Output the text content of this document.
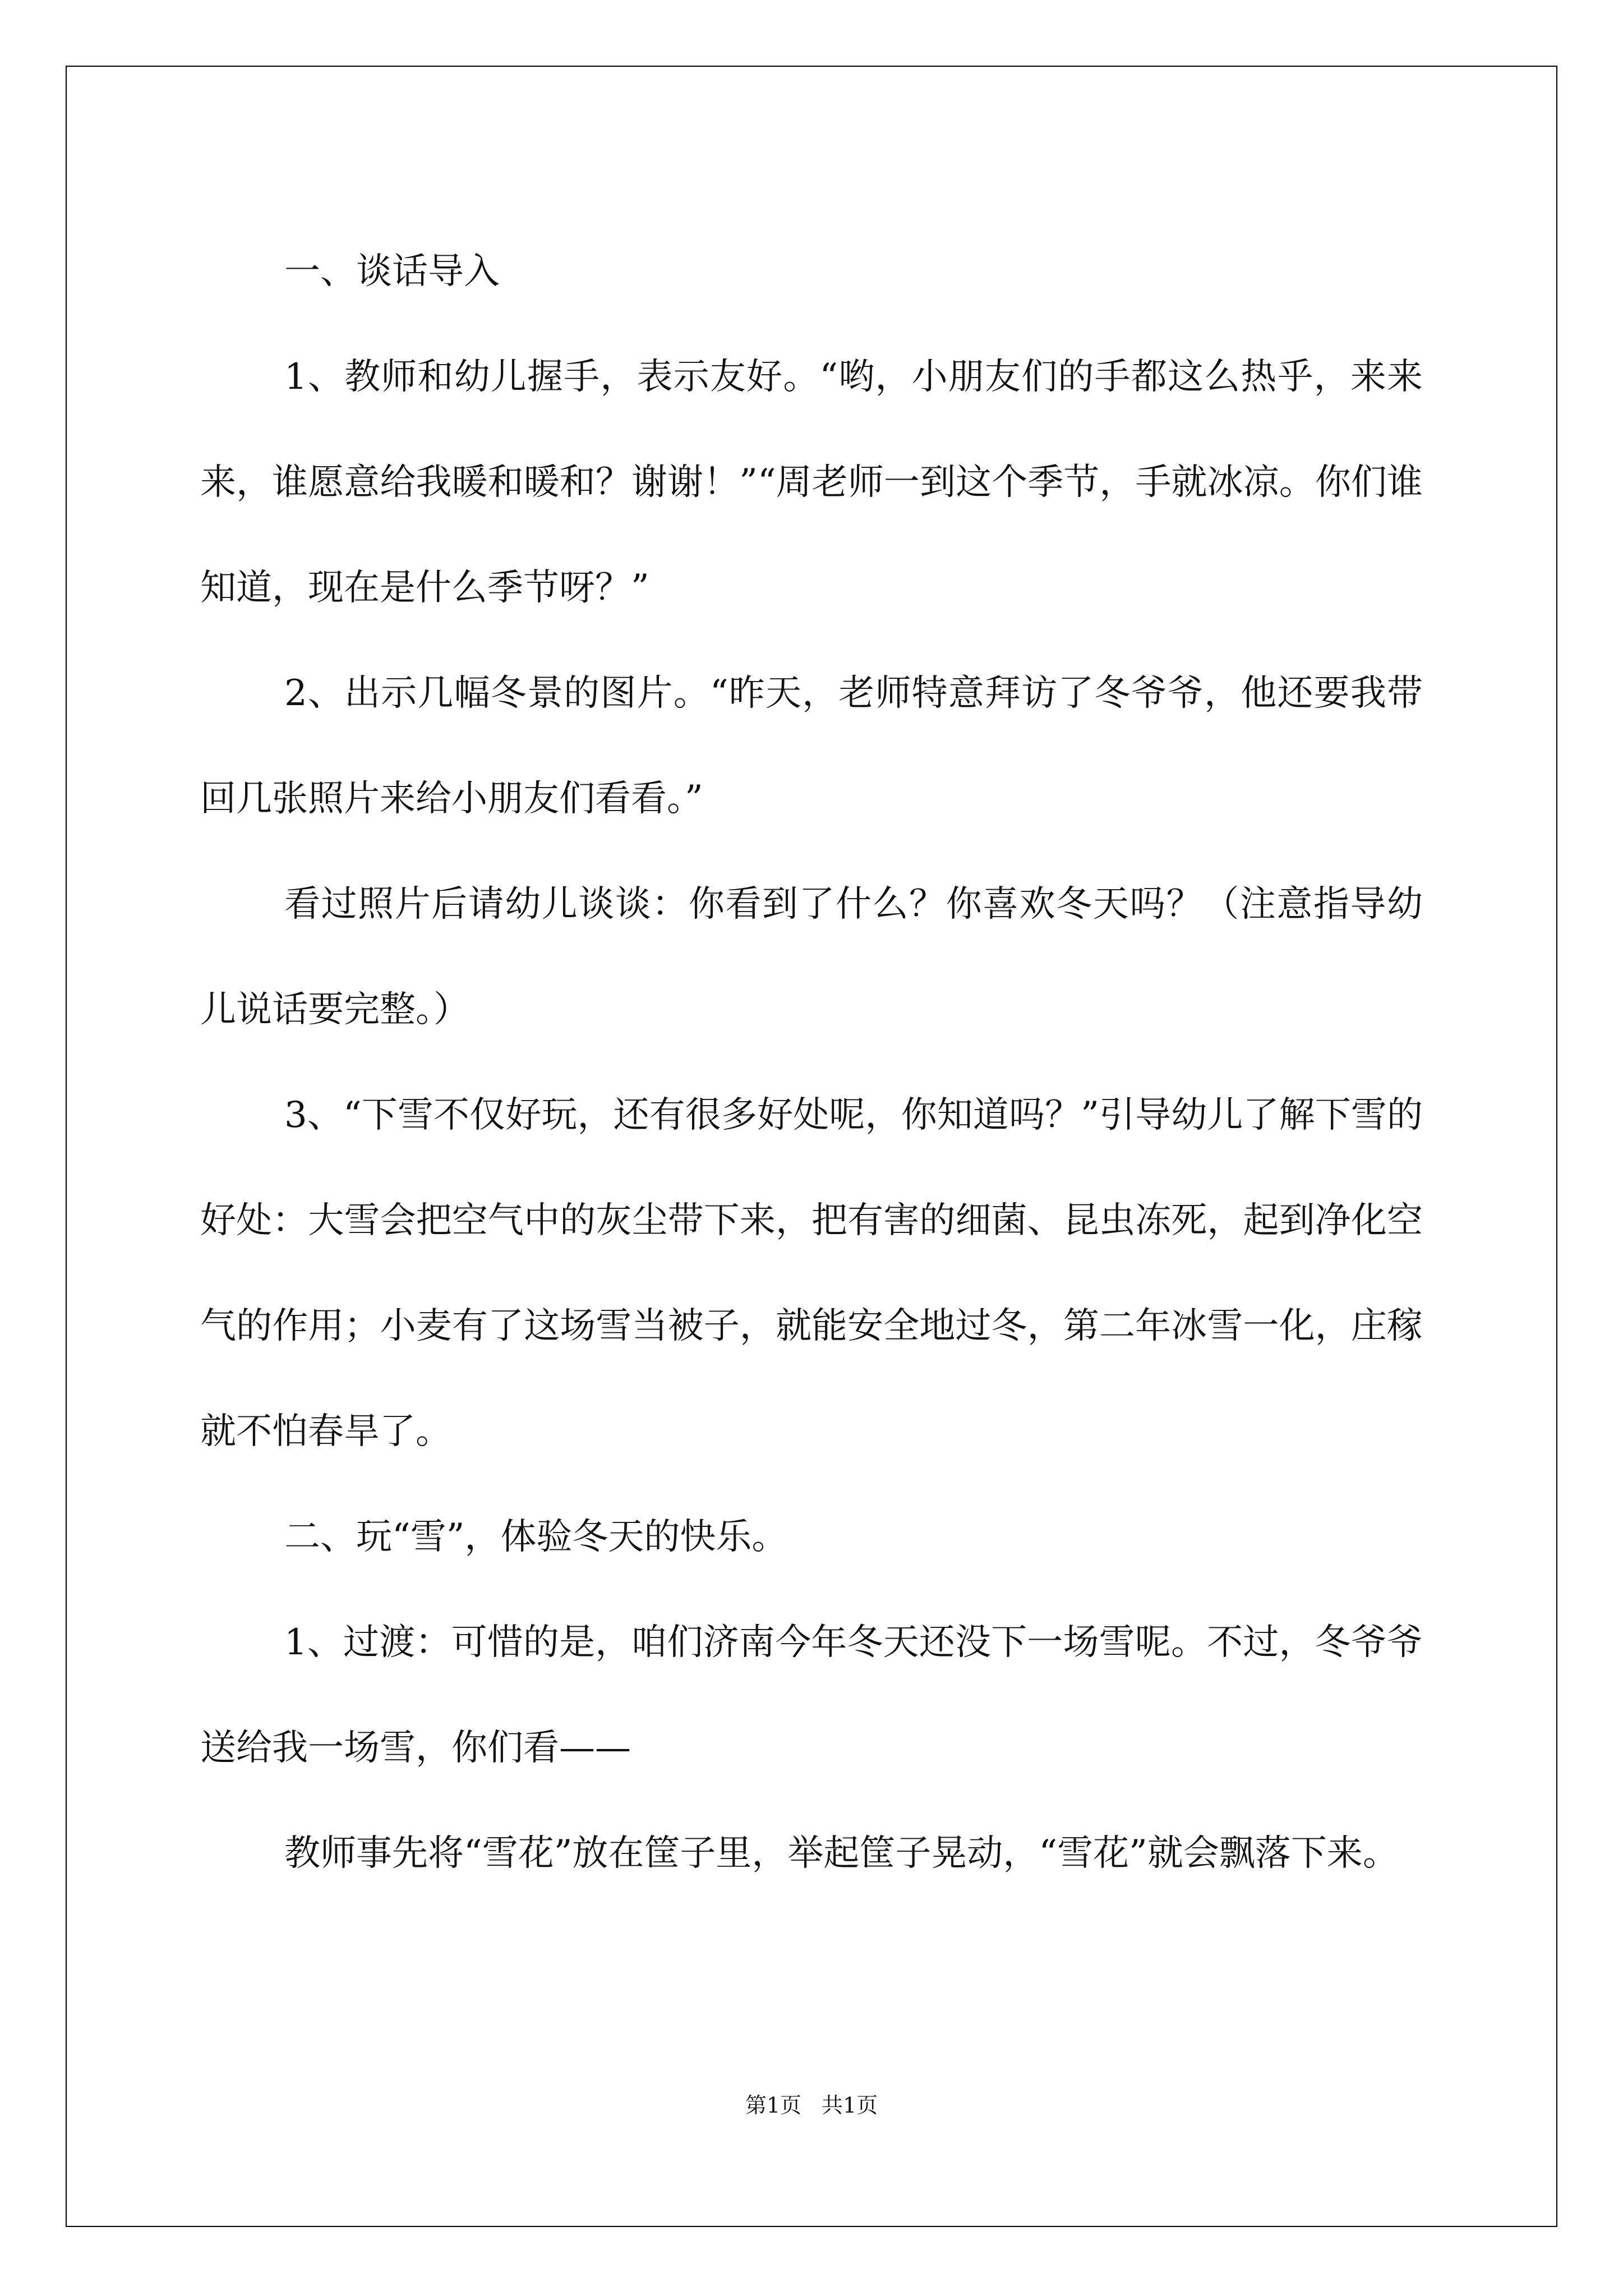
一、谈话导入

1、教师和幼儿握手，表示友好。“哟，小朋友们的手都这么热乎，来来来，谁愿意给我暖和暖和？谢谢！”“周老师一到这个季节，手就冰凉。你们谁知道，现在是什么季节呀？”

2、出示几幅冬景的图片。“昨天，老师特意拜访了冬爷爷，他还要我带回几张照片来给小朋友们看看。”

看过照片后请幼儿谈谈：你看到了什么？你喜欢冬天吗？（注意指导幼儿说话要完整。）

3、“下雪不仅好玩，还有很多好处呢，你知道吗？”引导幼儿了解下雪的好处：大雪会把空气中的灰尘带下来，把有害的细菌、昆虫冻死，起到净化空气的作用；小麦有了这场雪当被子，就能安全地过冬，第二年冰雪一化，庄稼就不怕春旱了。

二、玩“雪”，体验冬天的快乐。

1、过渡：可惜的是，咱们济南今年冬天还没下一场雪呢。不过，冬爷爷送给我一场雪，你们看——

教师事先将“雪花”放在筐子里，举起筐子晃动，“雪花”就会飘落下来。

第1页 共1页
